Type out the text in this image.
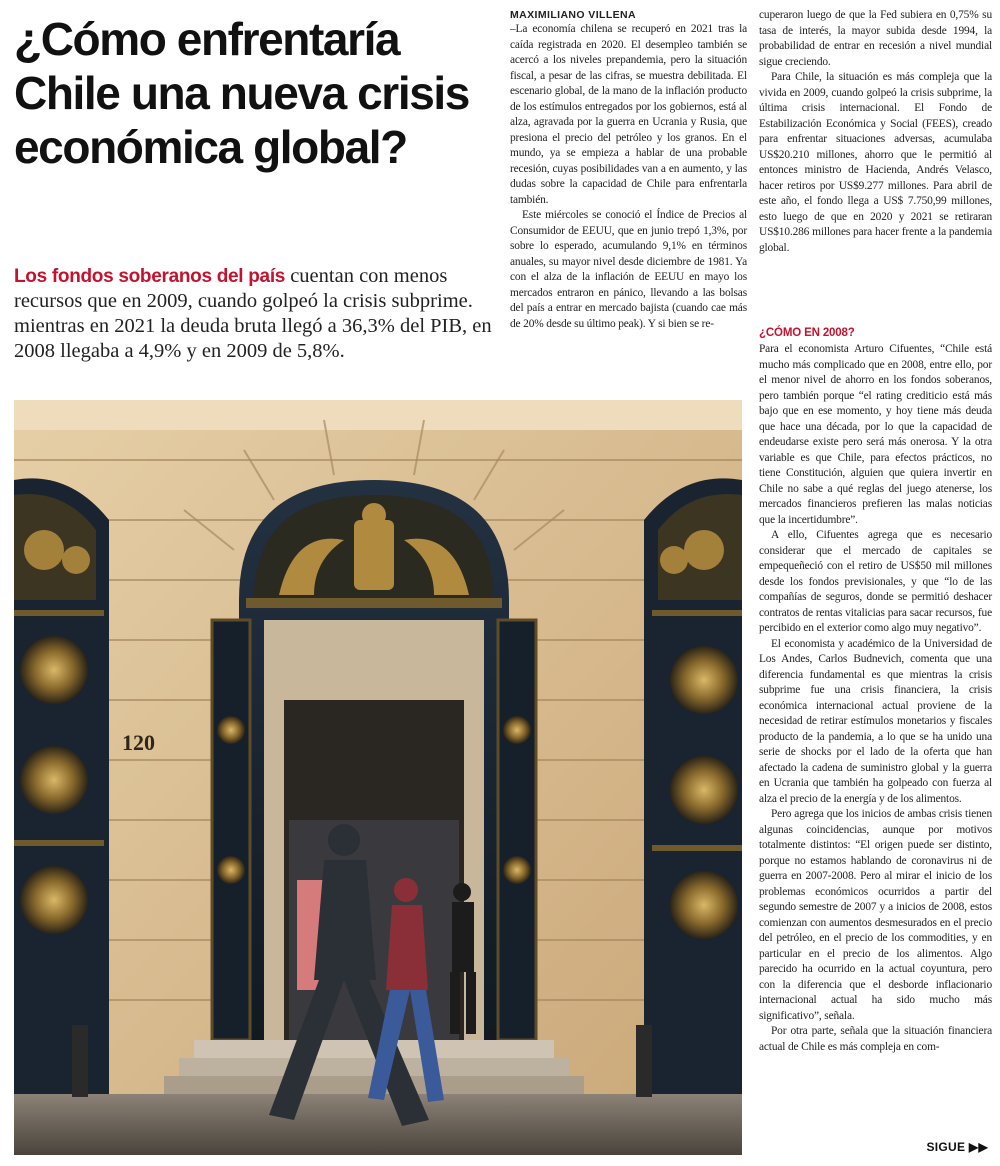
¿Cómo enfrentaría Chile una nueva crisis económica global?
Los fondos soberanos del país cuentan con menos recursos que en 2009, cuando golpeó la crisis subprime. mientras en 2021 la deuda bruta llegó a 36,3% del PIB, en 2008 llegaba a 4,9% y en 2009 de 5,8%.
MAXIMILIANO VILLENA

–La economía chilena se recuperó en 2021 tras la caída registrada en 2020. El desempleo también se acercó a los niveles prepandemia, pero la situación fiscal, a pesar de las cifras, se muestra debilitada. El escenario global, de la mano de la inflación producto de los estímulos entregados por los gobiernos, está al alza, agravada por la guerra en Ucrania y Rusia, que presiona el precio del petróleo y los granos. En el mundo, ya se empieza a hablar de una probable recesión, cuyas posibilidades van a en aumento, y las dudas sobre la capacidad de Chile para enfrentarla también.

Este miércoles se conoció el Índice de Precios al Consumidor de EEUU, que en junio trepó 1,3%, por sobre lo esperado, acumulando 9,1% en términos anuales, su mayor nivel desde diciembre de 1981. Ya con el alza de la inflación de EEUU en mayo los mercados entraron en pánico, llevando a las bolsas del país a entrar en mercado bajista (cuando cae más de 20% desde su último peak). Y si bien se re-

cuperaron luego de que la Fed subiera en 0,75% su tasa de interés, la mayor subida desde 1994, la probabilidad de entrar en recesión a nivel mundial sigue creciendo.

Para Chile, la situación es más compleja que la vivida en 2009, cuando golpeó la crisis subprime, la última crisis internacional. El Fondo de Estabilización Económica y Social (FEES), creado para enfrentar situaciones adversas, acumulaba US$20.210 millones, ahorro que le permitió al entonces ministro de Hacienda, Andrés Velasco, hacer retiros por US$9.277 millones. Para abril de este año, el fondo llega a US$ 7.750,99 millones, esto luego de que en 2020 y 2021 se retiraran US$10.286 millones para hacer frente a la pandemia global.

¿CÓMO EN 2008?

Para el economista Arturo Cifuentes, “Chile está mucho más complicado que en 2008, entre ello, por el menor nivel de ahorro en los fondos soberanos, pero también porque “el rating crediticio está más bajo que en ese momento, y hoy tiene más deuda que hace una década, por lo que la capacidad de endeudarse existe pero será más onerosa. Y la otra variable es que Chile, para efectos prácticos, no tiene Constitución, alguien que quiera invertir en Chile no sabe a qué reglas del juego atenerse, los mercados financieros prefieren las malas noticias que la incertidumbre”.

A ello, Cifuentes agrega que es necesario considerar que el mercado de capitales se empequeñeció con el retiro de US$50 mil millones desde los fondos previsionales, y que “lo de las compañías de seguros, donde se permitió deshacer contratos de rentas vitalicias para sacar recursos, fue percibido en el exterior como algo muy negativo”.

El economista y académico de la Universidad de Los Andes, Carlos Budnevich, comenta que una diferencia fundamental es que mientras la crisis subprime fue una crisis financiera, la crisis económica internacional actual proviene de la necesidad de retirar estímulos monetarios y fiscales producto de la pandemia, a lo que se ha unido una serie de shocks por el lado de la oferta que han afectado la cadena de suministro global y la guerra en Ucrania que también ha golpeado con fuerza al alza el precio de la energía y de los alimentos.

Pero agrega que los inicios de ambas crisis tienen algunas coincidencias, aunque por motivos totalmente distintos: “El origen puede ser distinto, porque no estamos hablando de coronavirus ni de guerra en 2007-2008. Pero al mirar el inicio de los problemas económicos ocurridos a partir del segundo semestre de 2007 y a inicios de 2008, estos comienzan con aumentos desmesurados en el precio del petróleo, en el precio de los commodities, y en particular en el precio de los alimentos. Algo parecido ha ocurrido en la actual coyuntura, pero con la diferencia que el desborde inflacionario internacional actual ha sido mucho más significativo”, señala.

Por otra parte, señala que la situación financiera actual de Chile es más compleja en com-

120
SIGUE ▶▶
